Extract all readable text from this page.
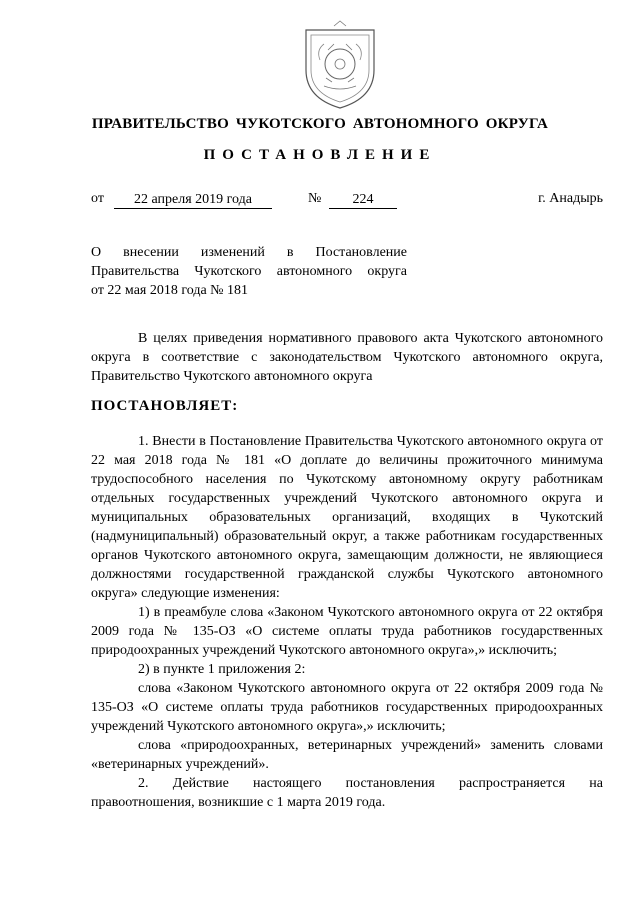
ПРАВИТЕЛЬСТВО ЧУКОТСКОГО АВТОНОМНОГО ОКРУГА
ПОСТАНОВЛЕНИЕ
от	22 апреля 2019 года	№	224	г. Анадырь
О внесении изменений в Постановление
Правительства Чукотского автономного округа
от 22 мая 2018 года № 181

В целях приведения нормативного правового акта Чукотского автономного округа в соответствие с законодательством Чукотского автономного округа, Правительство Чукотского автономного округа

ПОСТАНОВЛЯЕТ:

1. Внести в Постановление Правительства Чукотского автономного округа от 22 мая 2018 года № 181 «О доплате до величины прожиточного минимума трудоспособного населения по Чукотскому автономному округу работникам отдельных государственных учреждений Чукотского автономного округа и муниципальных образовательных организаций, входящих в Чукотский (надмуниципальный) образовательный округ, а также работникам государственных органов Чукотского автономного округа, замещающим должности, не являющиеся должностями государственной гражданской службы Чукотского автономного округа» следующие изменения:

1) в преамбуле слова «Законом Чукотского автономного округа от 22 октября 2009 года № 135-ОЗ «О системе оплаты труда работников государственных природоохранных учреждений Чукотского автономного округа»,» исключить;

2) в пункте 1 приложения 2:

слова «Законом Чукотского автономного округа от 22 октября 2009 года № 135-ОЗ «О системе оплаты труда работников государственных природоохранных учреждений Чукотского автономного округа»,» исключить;

слова «природоохранных, ветеринарных учреждений» заменить словами «ветеринарных учреждений».

2. Действие настоящего постановления распространяется на правоотношения, возникшие с 1 марта 2019 года.
